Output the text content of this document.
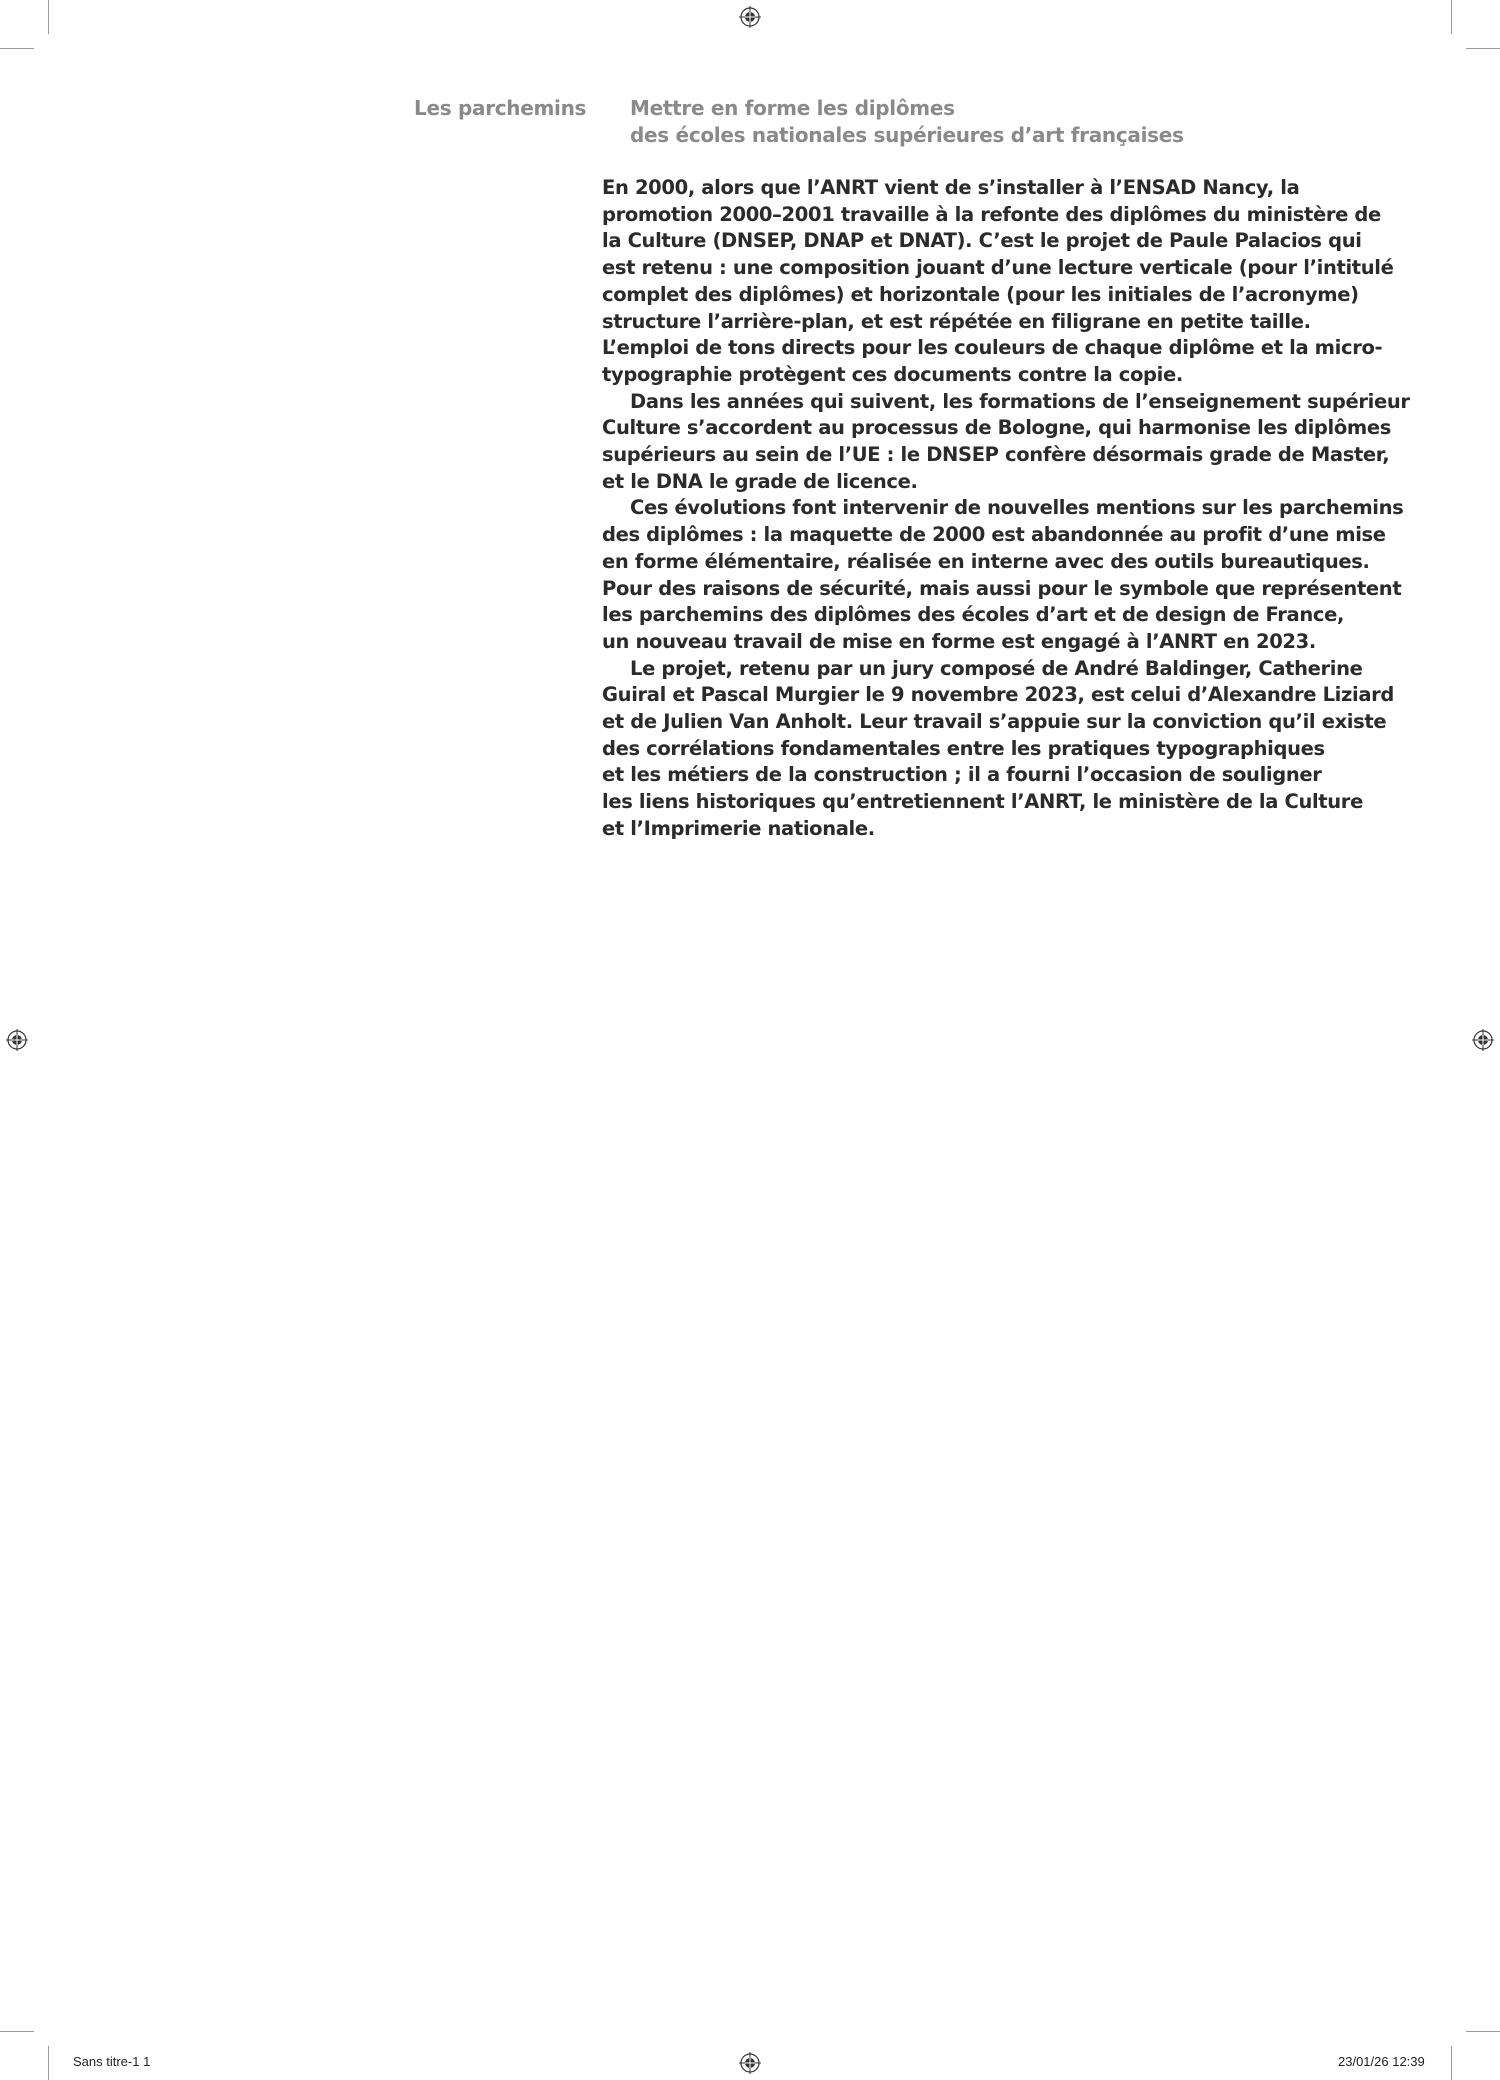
Les parchemins Mettre en forme les diplômes
des écoles nationales supérieures d’art françaises
En 2000, alors que l’ANRT vient de s’installer à l’ENSAD Nancy, la
promotion 2000–2001 travaille à la refonte des diplômes du ministère de
la Culture (DNSEP, DNAP et DNAT). C’est le projet de Paule Palacios qui
est retenu : une composition jouant d’une lecture verticale (pour l’intitulé
complet des diplômes) et horizontale (pour les initiales de l’acronyme)
structure l’arrière-plan, et est répétée en filigrane en petite taille.
L’emploi de tons directs pour les couleurs de chaque diplôme et la micro-
typographie protègent ces documents contre la copie.
Dans les années qui suivent, les formations de l’enseignement supérieur
Culture s’accordent au processus de Bologne, qui harmonise les diplômes
supérieurs au sein de l’UE : le DNSEP confère désormais grade de Master,
et le DNA le grade de licence.
Ces évolutions font intervenir de nouvelles mentions sur les parchemins
des diplômes : la maquette de 2000 est abandonnée au profit d’une mise
en forme élémentaire, réalisée en interne avec des outils bureautiques.
Pour des raisons de sécurité, mais aussi pour le symbole que représentent
les parchemins des diplômes des écoles d’art et de design de France,
un nouveau travail de mise en forme est engagé à l’ANRT en 2023.
Le projet, retenu par un jury composé de André Baldinger, Catherine
Guiral et Pascal Murgier le 9 novembre 2023, est celui d’Alexandre Liziard
et de Julien Van Anholt. Leur travail s’appuie sur la conviction qu’il existe
des corrélations fondamentales entre les pratiques typographiques
et les métiers de la construction ; il a fourni l’occasion de souligner
les liens historiques qu’entretiennent l’ANRT, le ministère de la Culture
et l’Imprimerie nationale.
Sans titre-1 1	23/01/26 12:39
